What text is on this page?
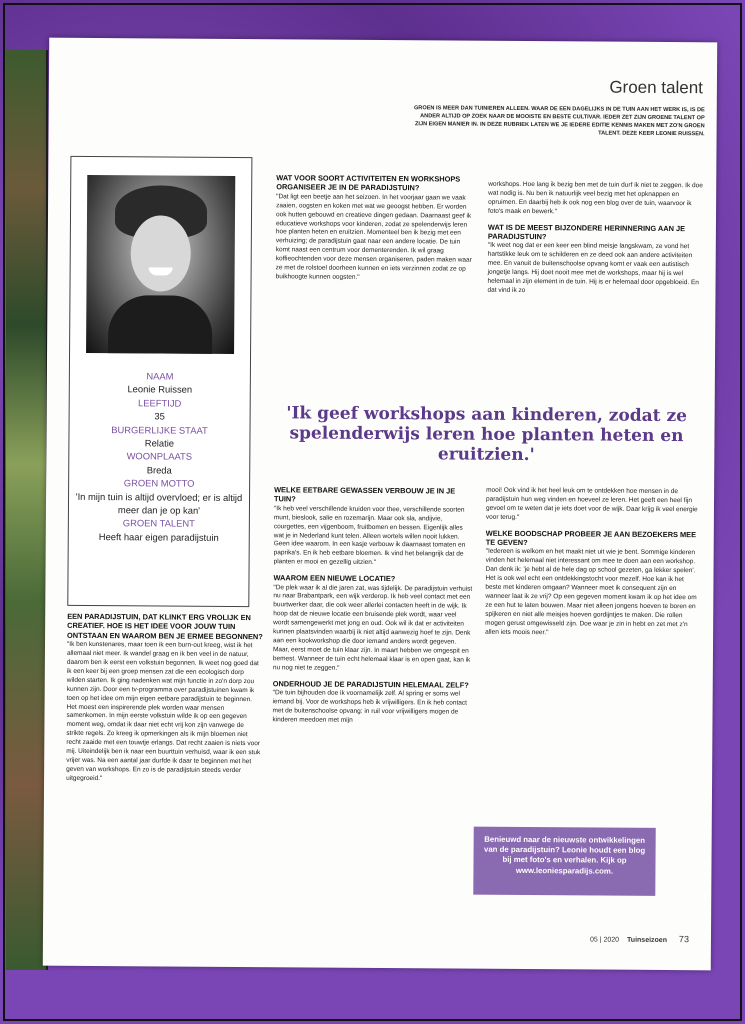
Groen talent
GROEN IS MEER DAN TUINIEREN ALLEEN. WAAR DE EEN DAGELIJKS IN DE TUIN AAN HET WERK IS, IS DE ANDER ALTIJD OP ZOEK NAAR DE MOOISTE EN BESTE CULTIVAR. IEDER ZET ZIJN GROENE TALENT OP ZIJN EIGEN MANIER IN. IN DEZE RUBRIEK LATEN WE JE IEDERE EDITIE KENNIS MAKEN MET ZO'N GROEN TALENT. DEZE KEER LEONIE RUISSEN.
NAAM
Leonie Ruissen
LEEFTIJD
35
BURGERLIJKE STAAT
Relatie
WOONPLAATS
Breda
GROEN MOTTO
'In mijn tuin is altijd overvloed; er is altijd meer dan je op kan'
GROEN TALENT
Heeft haar eigen paradijstuin
EEN PARADIJSTUIN, DAT KLINKT ERG VROLIJK EN CREATIEF. HOE IS HET IDEE VOOR JOUW TUIN ONTSTAAN EN WAAROM BEN JE ERMEE BEGONNEN?

"Ik ben kunstenares, maar toen ik een burn-out kreeg, wist ik het allemaal niet meer. Ik wandel graag en ik ben veel in de natuur, daarom ben ik eerst een volkstuin begonnen. Ik weet nog goed dat ik een keer bij een groep mensen zat die een ecologisch dorp wilden starten. Ik ging nadenken wat mijn functie in zo'n dorp zou kunnen zijn. Door een tv-programma over paradijstuinen kwam ik toen op het idee om mijn eigen eetbare paradijstuin te beginnen. Het moest een inspirerende plek worden waar mensen samenkomen. In mijn eerste volkstuin wilde ik op een gegeven moment weg, omdat ik daar niet echt vrij kon zijn vanwege de strikte regels. Zo kreeg ik opmerkingen als ik mijn bloemen niet recht zaaide met een touwtje erlangs. Dat recht zaaien is niets voor mij. Uiteindelijk ben ik naar een buurttuin verhuisd, waar ik een stuk vrijer was. Na een aantal jaar durfde ik daar te beginnen met het geven van workshops. En zo is de paradijstuin steeds verder uitgegroeid."

WAT VOOR SOORT ACTIVITEITEN EN WORKSHOPS ORGANISEER JE IN DE PARADIJSTUIN?

"Dat ligt een beetje aan het seizoen. In het voorjaar gaan we vaak zaaien, oogsten en koken met wat we geoogst hebben. Er worden ook hutten gebouwd en creatieve dingen gedaan. Daarnaast geef ik educatieve workshops voor kinderen, zodat ze spelenderwijs leren hoe planten heten en eruitzien. Momenteel ben ik bezig met een verhuizing; de paradijstuin gaat naar een andere locatie. De tuin komt naast een centrum voor dementerenden. Ik wil graag koffieochtenden voor deze mensen organiseren, paden maken waar ze met de rolstoel doorheen kunnen en iets verzinnen zodat ze op buikhoogte kunnen oogsten."

workshops. Hoe lang ik bezig ben met de tuin durf ik niet te zeggen. Ik doe wat nodig is. Nu ben ik natuurlijk veel bezig met het opknappen en opruimen. En daarbij heb ik ook nog een blog over de tuin, waarvoor ik foto's maak en bewerk."

WAT IS DE MEEST BIJZONDERE HERINNERING AAN JE PARADIJSTUIN?

"Ik weet nog dat er een keer een blind meisje langskwam, ze vond het hartstikke leuk om te schilderen en ze deed ook aan andere activiteiten mee. En vanuit de buitenschoolse opvang komt er vaak een autistisch jongetje langs. Hij doet nooit mee met de workshops, maar hij is wel helemaal in zijn element in de tuin. Hij is er helemaal door opgebloeid. En dat vind ik zo

'Ik geef workshops aan kinderen, zodat ze spelenderwijs leren hoe planten heten en eruitzien.'
WELKE EETBARE GEWASSEN VERBOUW JE IN JE TUIN?

"Ik heb veel verschillende kruiden voor thee, verschillende soorten munt, bieslook, salie en rozemarijn. Maar ook sla, andijvie, courgettes, een vijgenboom, fruitbomen en bessen. Eigenlijk alles wat je in Nederland kunt telen. Alleen wortels willen nooit lukken. Geen idee waarom. In een kasje verbouw ik daarnaast tomaten en paprika's. En ik heb eetbare bloemen. Ik vind het belangrijk dat de planten er mooi en gezellig uitzien."

WAAROM EEN NIEUWE LOCATIE?

"De plek waar ik al die jaren zat, was tijdelijk. De paradijstuin verhuist nu naar Brabantpark, een wijk verderop. Ik heb veel contact met een buurtwerker daar, die ook weer allerlei contacten heeft in de wijk. Ik hoop dat de nieuwe locatie een bruisende plek wordt, waar veel wordt samengewerkt met jong en oud. Ook wil ik dat er activiteiten kunnen plaatsvinden waarbij ik niet altijd aanwezig hoef te zijn. Denk aan een kookworkshop die door iemand anders wordt gegeven. Maar, eerst moet de tuin klaar zijn. In maart hebben we omgespit en bemest. Wanneer de tuin echt helemaal klaar is en open gaat, kan ik nu nog niet te zeggen."

ONDERHOUD JE DE PARADIJSTUIN HELEMAAL ZELF?

"De tuin bijhouden doe ik voornamelijk zelf. Al spring er soms wel iemand bij. Voor de workshops heb ik vrijwilligers. En ik heb contact met de buitenschoolse opvang: in ruil voor vrijwilligers mogen de kinderen meedoen met mijn

mooi! Ook vind ik het heel leuk om te ontdekken hoe mensen in de paradijstuin hun weg vinden en hoeveel ze leren. Het geeft een heel fijn gevoel om te weten dat je iets doet voor de wijk. Daar krijg ik veel energie voor terug."

WELKE BOODSCHAP PROBEER JE AAN BEZOEKERS MEE TE GEVEN?

"Iedereen is welkom en het maakt niet uit wie je bent. Sommige kinderen vinden het helemaal niet interessant om mee te doen aan een workshop. Dan denk ik: 'je hebt al de hele dag op school gezeten, ga lekker spelen'. Het is ook wel echt een ontdekkingstocht voor mezelf. Hoe kan ik het beste met kinderen omgaan? Wanneer moet ik consequent zijn en wanneer laat ik ze vrij? Op een gegeven moment kwam ik op het idee om ze een hut te laten bouwen. Maar niet alleen jongens hoeven te boren en spijkeren en niet alle meisjes hoeven gordijntjes te maken. Die rollen mogen gerust omgewisseld zijn. Doe waar je zin in hebt en zet met z'n allen iets moois neer."

Benieuwd naar de nieuwste ontwikkelingen van de paradijstuin? Leonie houdt een blog bij met foto's en verhalen. Kijk op www.leoniesparadijs.com.
05 | 2020 Tuinseizoen 73
